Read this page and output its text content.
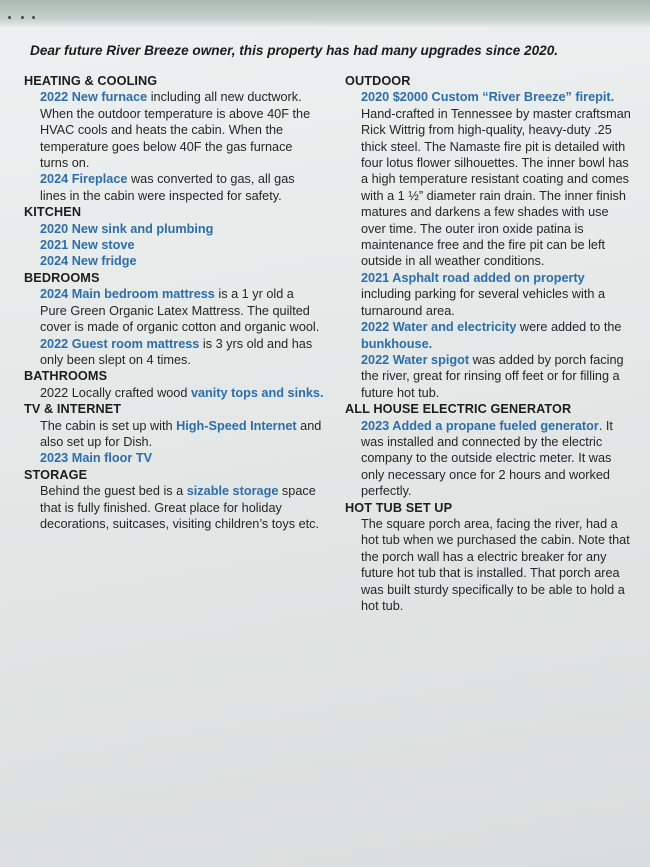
Dear future River Breeze owner, this property has had many upgrades since 2020.
HEATING & COOLING
2022 New furnace including all new ductwork. When the outdoor temperature is above 40F the HVAC cools and heats the cabin. When the temperature goes below 40F the gas furnace turns on.
2024 Fireplace was converted to gas, all gas lines in the cabin were inspected for safety.
KITCHEN
2020 New sink and plumbing
2021 New stove
2024 New fridge
BEDROOMS
2024 Main bedroom mattress is a 1 yr old a Pure Green Organic Latex Mattress. The quilted cover is made of organic cotton and organic wool.
2022 Guest room mattress is 3 yrs old and has only been slept on 4 times.
BATHROOMS
2022 Locally crafted wood vanity tops and sinks.
TV & INTERNET
The cabin is set up with High-Speed Internet and also set up for Dish.
2023 Main floor TV
STORAGE
Behind the guest bed is a sizable storage space that is fully finished. Great place for holiday decorations, suitcases, visiting children’s toys etc.
OUTDOOR
2020 $2000 Custom “River Breeze” firepit. Hand-crafted in Tennessee by master craftsman Rick Wittrig from high-quality, heavy-duty .25 thick steel. The Namaste fire pit is detailed with four lotus flower silhouettes. The inner bowl has a high temperature resistant coating and comes with a 1 ½” diameter rain drain. The inner finish matures and darkens a few shades with use over time. The outer iron oxide patina is maintenance free and the fire pit can be left outside in all weather conditions.
2021 Asphalt road added on property including parking for several vehicles with a turnaround area.
2022 Water and electricity were added to the bunkhouse.
2022 Water spigot was added by porch facing the river, great for rinsing off feet or for filling a future hot tub.
ALL HOUSE ELECTRIC GENERATOR
2023 Added a propane fueled generator. It was installed and connected by the electric company to the outside electric meter. It was only necessary once for 2 hours and worked perfectly.
HOT TUB SET UP
The square porch area, facing the river, had a hot tub when we purchased the cabin. Note that the porch wall has a electric breaker for any future hot tub that is installed. That porch area was built sturdy specifically to be able to hold a hot tub.
